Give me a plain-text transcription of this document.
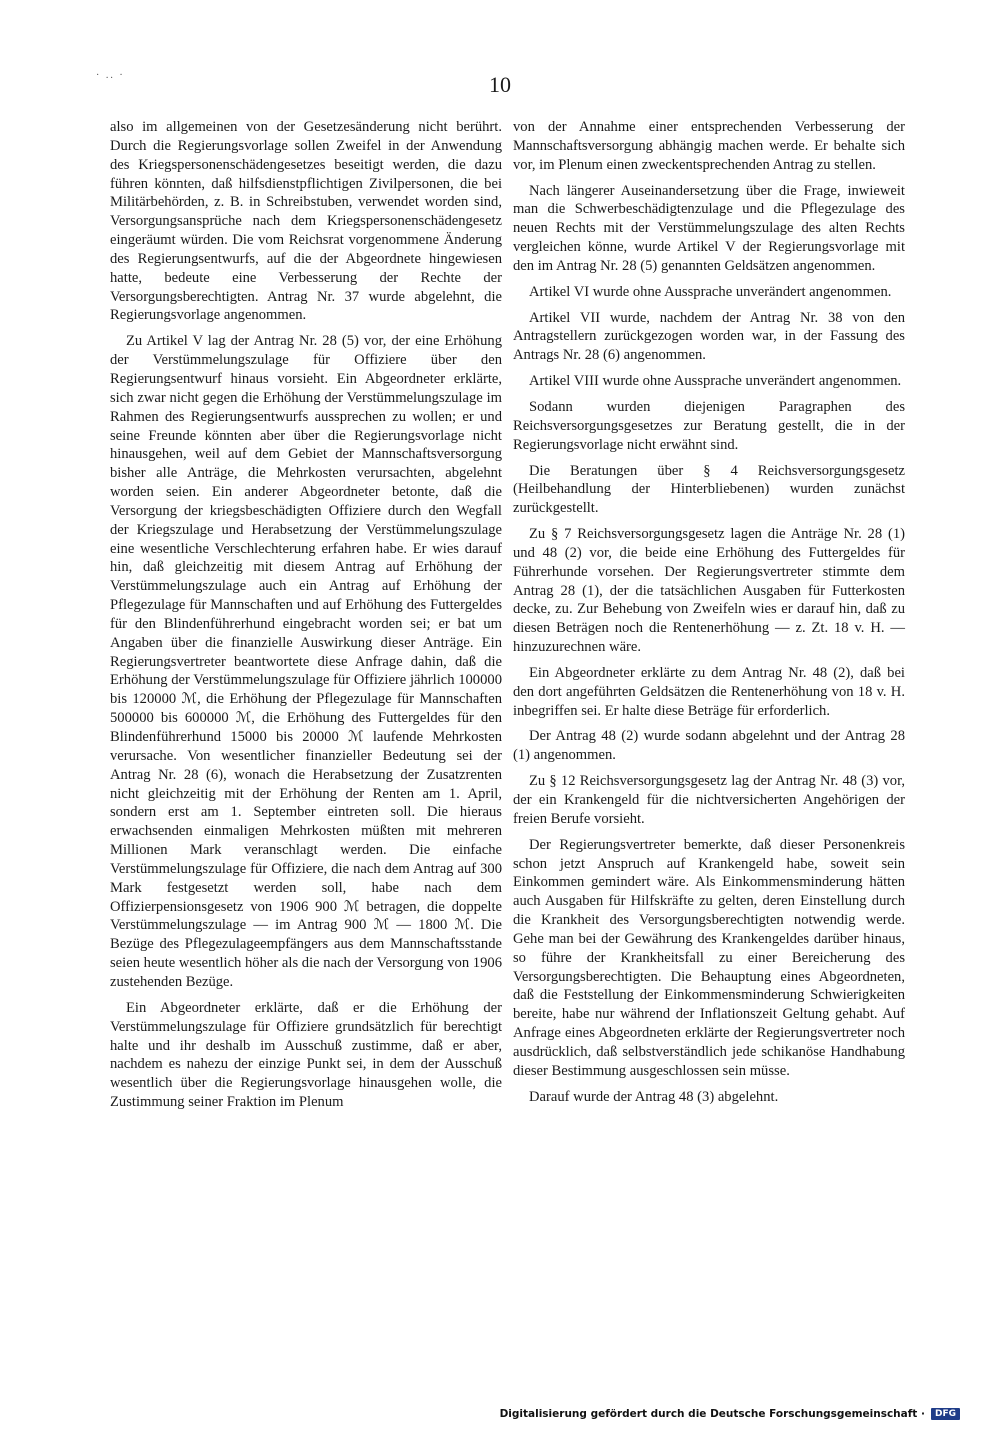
· .. ·	10

also im allgemeinen von der Gesetzesänderung nicht berührt. Durch die Regierungsvorlage sollen Zweifel in der Anwendung des Kriegspersonenschädengesetzes beseitigt werden, die dazu führen könnten, daß hilfsdienstpflichtigen Zivilpersonen, die bei Militärbehörden, z. B. in Schreibstuben, verwendet worden sind, Versorgungsansprüche nach dem Kriegspersonenschädengesetz eingeräumt würden. Die vom Reichsrat vorgenommene Änderung des Regierungsentwurfs, auf die der Abgeordnete hingewiesen hatte, bedeute eine Verbesserung der Rechte der Versorgungsberechtigten. Antrag Nr. 37 wurde abgelehnt, die Regierungsvorlage angenommen.

Zu Artikel V lag der Antrag Nr. 28 (5) vor, der eine Erhöhung der Verstümmelungszulage für Offiziere über den Regierungsentwurf hinaus vorsieht. Ein Abgeordneter erklärte, sich zwar nicht gegen die Erhöhung der Verstümmelungszulage im Rahmen des Regierungsentwurfs aussprechen zu wollen; er und seine Freunde könnten aber über die Regierungsvorlage nicht hinausgehen, weil auf dem Gebiet der Mannschaftsversorgung bisher alle Anträge, die Mehrkosten verursachten, abgelehnt worden seien. Ein anderer Abgeordneter betonte, daß die Versorgung der kriegsbeschädigten Offiziere durch den Wegfall der Kriegszulage und Herabsetzung der Verstümmelungszulage eine wesentliche Verschlechterung erfahren habe. Er wies darauf hin, daß gleichzeitig mit diesem Antrag auf Erhöhung der Verstümmelungszulage auch ein Antrag auf Erhöhung der Pflegezulage für Mannschaften und auf Erhöhung des Futtergeldes für den Blindenführerhund eingebracht worden sei; er bat um Angaben über die finanzielle Auswirkung dieser Anträge. Ein Regierungsvertreter beantwortete diese Anfrage dahin, daß die Erhöhung der Verstümmelungszulage für Offiziere jährlich 100000 bis 120000 ℳ, die Erhöhung der Pflegezulage für Mannschaften 500000 bis 600000 ℳ, die Erhöhung des Futtergeldes für den Blindenführerhund 15000 bis 20000 ℳ laufende Mehrkosten verursache. Von wesentlicher finanzieller Bedeutung sei der Antrag Nr. 28 (6), wonach die Herabsetzung der Zusatzrenten nicht gleichzeitig mit der Erhöhung der Renten am 1. April, sondern erst am 1. September eintreten soll. Die hieraus erwachsenden einmaligen Mehrkosten müßten mit mehreren Millionen Mark veranschlagt werden. Die einfache Verstümmelungszulage für Offiziere, die nach dem Antrag auf 300 Mark festgesetzt werden soll, habe nach dem Offizierpensionsgesetz von 1906 900 ℳ betragen, die doppelte Verstümmelungszulage — im Antrag 900 ℳ — 1800 ℳ. Die Bezüge des Pflegezulageempfängers aus dem Mannschaftsstande seien heute wesentlich höher als die nach der Versorgung von 1906 zustehenden Bezüge.

Ein Abgeordneter erklärte, daß er die Erhöhung der Verstümmelungszulage für Offiziere grundsätzlich für berechtigt halte und ihr deshalb im Ausschuß zustimme, daß er aber, nachdem es nahezu der einzige Punkt sei, in dem der Ausschuß wesentlich über die Regierungsvorlage hinausgehen wolle, die Zustimmung seiner Fraktion im Plenum

von der Annahme einer entsprechenden Verbesserung der Mannschaftsversorgung abhängig machen werde. Er behalte sich vor, im Plenum einen zweckentsprechenden Antrag zu stellen.

Nach längerer Auseinandersetzung über die Frage, inwieweit man die Schwerbeschädigtenzulage und die Pflegezulage des neuen Rechts mit der Verstümmelungszulage des alten Rechts vergleichen könne, wurde Artikel V der Regierungsvorlage mit den im Antrag Nr. 28 (5) genannten Geldsätzen angenommen.

Artikel VI wurde ohne Aussprache unverändert angenommen.

Artikel VII wurde, nachdem der Antrag Nr. 38 von den Antragstellern zurückgezogen worden war, in der Fassung des Antrags Nr. 28 (6) angenommen.

Artikel VIII wurde ohne Aussprache unverändert angenommen.

Sodann wurden diejenigen Paragraphen des Reichsversorgungsgesetzes zur Beratung gestellt, die in der Regierungsvorlage nicht erwähnt sind.

Die Beratungen über § 4 Reichsversorgungsgesetz (Heilbehandlung der Hinterbliebenen) wurden zunächst zurückgestellt.

Zu § 7 Reichsversorgungsgesetz lagen die Anträge Nr. 28 (1) und 48 (2) vor, die beide eine Erhöhung des Futtergeldes für Führerhunde vorsehen. Der Regierungsvertreter stimmte dem Antrag 28 (1), der die tatsächlichen Ausgaben für Futterkosten decke, zu. Zur Behebung von Zweifeln wies er darauf hin, daß zu diesen Beträgen noch die Rentenerhöhung — z. Zt. 18 v. H. — hinzuzurechnen wäre.

Ein Abgeordneter erklärte zu dem Antrag Nr. 48 (2), daß bei den dort angeführten Geldsätzen die Rentenerhöhung von 18 v. H. inbegriffen sei. Er halte diese Beträge für erforderlich.

Der Antrag 48 (2) wurde sodann abgelehnt und der Antrag 28 (1) angenommen.

Zu § 12 Reichsversorgungsgesetz lag der Antrag Nr. 48 (3) vor, der ein Krankengeld für die nichtversicherten Angehörigen der freien Berufe vorsieht.

Der Regierungsvertreter bemerkte, daß dieser Personenkreis schon jetzt Anspruch auf Krankengeld habe, soweit sein Einkommen gemindert wäre. Als Einkommensminderung hätten auch Ausgaben für Hilfskräfte zu gelten, deren Einstellung durch die Krankheit des Versorgungsberechtigten notwendig werde. Gehe man bei der Gewährung des Krankengeldes darüber hinaus, so führe der Krankheitsfall zu einer Bereicherung des Versorgungsberechtigten. Die Behauptung eines Abgeordneten, daß die Feststellung der Einkommensminderung Schwierigkeiten bereite, habe nur während der Inflationszeit Geltung gehabt. Auf Anfrage eines Abgeordneten erklärte der Regierungsvertreter noch ausdrücklich, daß selbstverständlich jede schikanöse Handhabung dieser Bestimmung ausgeschlossen sein müsse.

Darauf wurde der Antrag 48 (3) abgelehnt.

Digitalisierung gefördert durch die Deutsche Forschungsgemeinschaft ·	DFG
